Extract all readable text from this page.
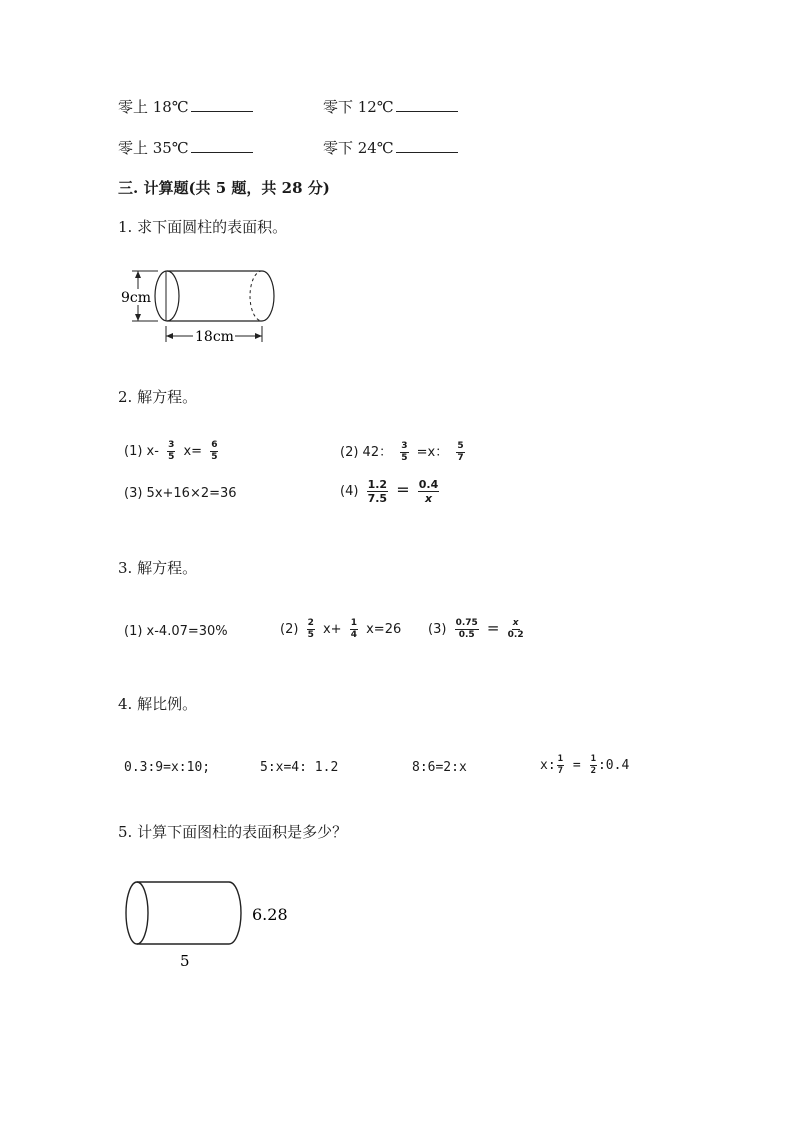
零上 18℃	零下 12℃
零上 35℃	零下 24℃
三. 计算题(共 5 题，共 28 分)
1. 求下面圆柱的表面积。
9cm
18cm
2. 解方程。
(1) $x- \frac{3}{5} x= \frac{6}{5}$	(2) 42： $\frac{3}{5} =x$： $\frac{5}{7}$
(3) 5x+16×2=36	$(4) \frac{1.2}{7.5} = \frac{0.4}{x}$
3. 解方程。
(1) x-4.07=30%	$(2) \frac{2}{5} x+ \frac{1}{4} x=26$ $(3) \frac{0.75}{0.5} = \frac{x}{0.2}$
4. 解比例。
0.3:9=x:10;	5:x=4: 1.2	8:6=2:x	x: $\frac{1}{7} = \frac{1}{2}$ :0.4
5. 计算下面图柱的表面积是多少？
6.28
5
